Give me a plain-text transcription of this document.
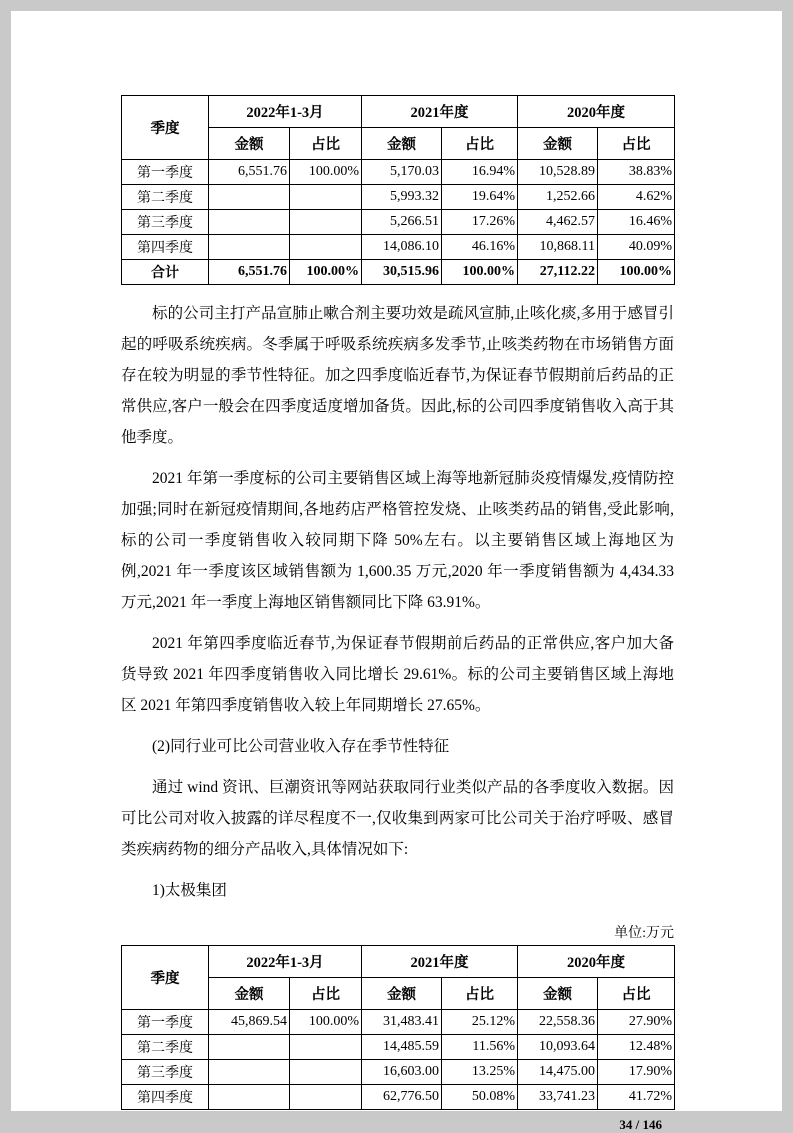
季度	2022年1-3月		2021年度		2020年度	
	金额	占比	金额	占比	金额	占比
第一季度	6,551.76	100.00%	5,170.03	16.94%	10,528.89	38.83%
第二季度			5,993.32	19.64%	1,252.66	4.62%
第三季度			5,266.51	17.26%	4,462.57	16.46%
第四季度			14,086.10	46.16%	10,868.11	40.09%
合计	6,551.76	100.00%	30,515.96	100.00%	27,112.22	100.00%

标的公司主打产品宣肺止嗽合剂主要功效是疏风宣肺,止咳化痰,多用于感冒引起的呼吸系统疾病。冬季属于呼吸系统疾病多发季节,止咳类药物在市场销售方面存在较为明显的季节性特征。加之四季度临近春节,为保证春节假期前后药品的正常供应,客户一般会在四季度适度增加备货。因此,标的公司四季度销售收入高于其他季度。

2021 年第一季度标的公司主要销售区域上海等地新冠肺炎疫情爆发,疫情防控加强;同时在新冠疫情期间,各地药店严格管控发烧、止咳类药品的销售,受此影响,标的公司一季度销售收入较同期下降 50%左右。以主要销售区域上海地区为例,2021 年一季度该区域销售额为 1,600.35 万元,2020 年一季度销售额为 4,434.33 万元,2021 年一季度上海地区销售额同比下降 63.91%。

2021 年第四季度临近春节,为保证春节假期前后药品的正常供应,客户加大备货导致 2021 年四季度销售收入同比增长 29.61%。标的公司主要销售区域上海地区 2021 年第四季度销售收入较上年同期增长 27.65%。

(2)同行业可比公司营业收入存在季节性特征

通过 wind 资讯、巨潮资讯等网站获取同行业类似产品的各季度收入数据。因可比公司对收入披露的详尽程度不一,仅收集到两家可比公司关于治疗呼吸、感冒类疾病药物的细分产品收入,具体情况如下:

1)太极集团

单位:万元
季度	2022年1-3月		2021年度		2020年度	
	金额	占比	金额	占比	金额	占比
第一季度	45,869.54	100.00%	31,483.41	25.12%	22,558.36	27.90%
第二季度			14,485.59	11.56%	10,093.64	12.48%
第三季度			16,603.00	13.25%	14,475.00	17.90%
第四季度			62,776.50	50.08%	33,741.23	41.72%
34 / 146
